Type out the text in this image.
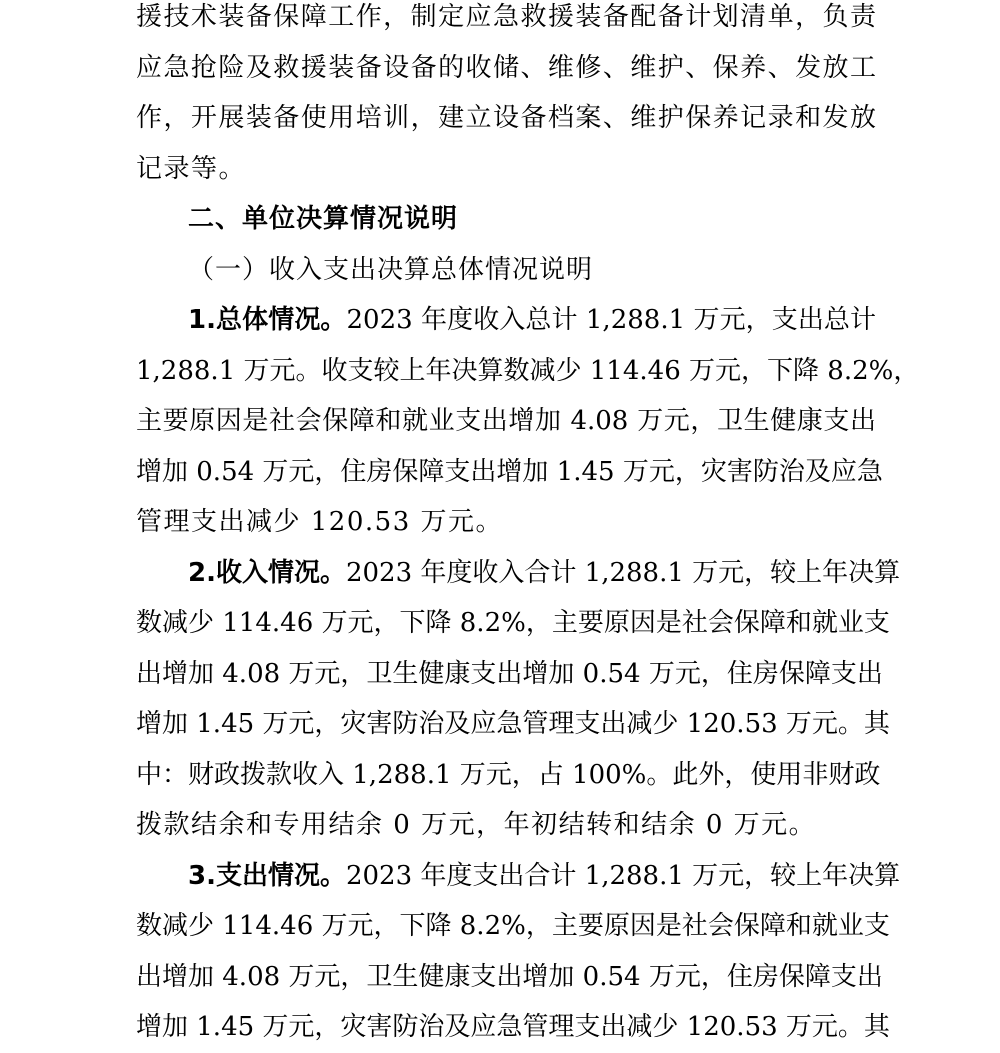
援技术装备保障工作，制定应急救援装备配备计划清单，负责
应急抢险及救援装备设备的收储、维修、维护、保养、发放工
作，开展装备使用培训，建立设备档案、维护保养记录和发放
记录等。
二、单位决算情况说明
（一）收入支出决算总体情况说明
1.总体情况。2023 年度收入总计 1,288.1 万元，支出总计
1,288.1 万元。收支较上年决算数减少 114.46 万元，下降 8.2%，
主要原因是社会保障和就业支出增加 4.08 万元，卫生健康支出
增加 0.54 万元，住房保障支出增加 1.45 万元，灾害防治及应急
管理支出减少 120.53 万元。
2.收入情况。2023 年度收入合计 1,288.1 万元，较上年决算
数减少 114.46 万元，下降 8.2%，主要原因是社会保障和就业支
出增加 4.08 万元，卫生健康支出增加 0.54 万元，住房保障支出
增加 1.45 万元，灾害防治及应急管理支出减少 120.53 万元。其
中：财政拨款收入 1,288.1 万元，占 100%。此外，使用非财政
拨款结余和专用结余 0 万元，年初结转和结余 0 万元。
3.支出情况。2023 年度支出合计 1,288.1 万元，较上年决算
数减少 114.46 万元，下降 8.2%，主要原因是社会保障和就业支
出增加 4.08 万元，卫生健康支出增加 0.54 万元，住房保障支出
增加 1.45 万元，灾害防治及应急管理支出减少 120.53 万元。其
